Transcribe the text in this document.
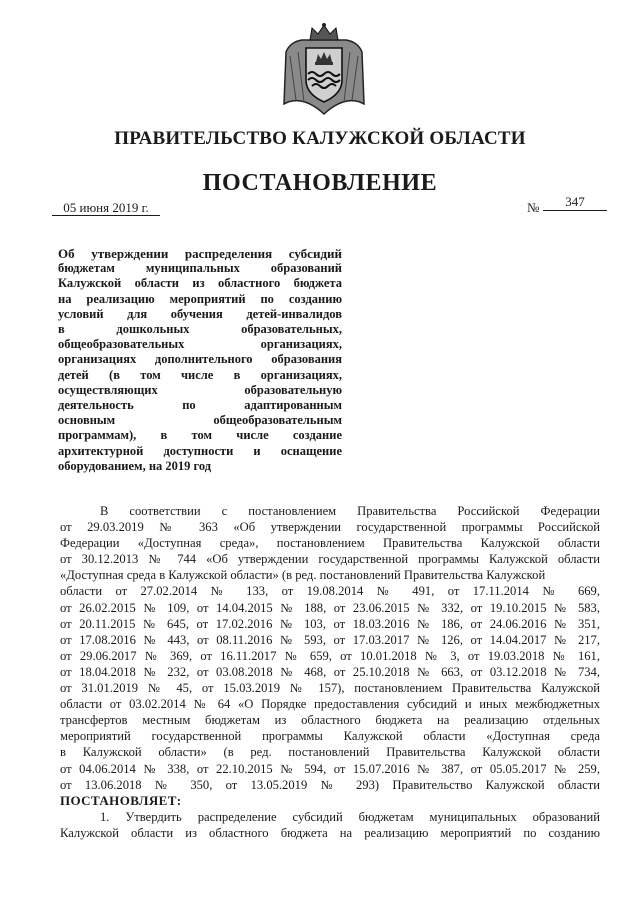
ПРАВИТЕЛЬСТВО КАЛУЖСКОЙ ОБЛАСТИ
ПОСТАНОВЛЕНИЕ
05 июня 2019 г.	№	347
Об утверждении распределения субсидий
бюджетам муниципальных образований
Калужской области из областного бюджета
на реализацию мероприятий по созданию
условий для обучения детей-инвалидов
в дошкольных образовательных,
общеобразовательных организациях,
организациях дополнительного образования
детей (в том числе в организациях,
осуществляющих образовательную
деятельность по адаптированным
основным общеобразовательным
программам), в том числе создание
архитектурной доступности и оснащение
оборудованием, на 2019 год
В соответствии с постановлением Правительства Российской Федерации
от 29.03.2019 № 363 «Об утверждении государственной программы Российской
Федерации «Доступная среда», постановлением Правительства Калужской области
от 30.12.2013 № 744 «Об утверждении государственной программы Калужской области
«Доступная среда в Калужской области» (в ред. постановлений Правительства Калужской
области от 27.02.2014 № 133, от 19.08.2014 № 491, от 17.11.2014 № 669,
от 26.02.2015 № 109, от 14.04.2015 № 188, от 23.06.2015 № 332, от 19.10.2015 № 583,
от 20.11.2015 № 645, от 17.02.2016 № 103, от 18.03.2016 № 186, от 24.06.2016 № 351,
от 17.08.2016 № 443, от 08.11.2016 № 593, от 17.03.2017 № 126, от 14.04.2017 № 217,
от 29.06.2017 № 369, от 16.11.2017 № 659, от 10.01.2018 № 3, от 19.03.2018 № 161,
от 18.04.2018 № 232, от 03.08.2018 № 468, от 25.10.2018 № 663, от 03.12.2018 № 734,
от 31.01.2019 № 45, от 15.03.2019 № 157), постановлением Правительства Калужской
области от 03.02.2014 № 64 «О Порядке предоставления субсидий и иных межбюджетных
трансфертов местным бюджетам из областного бюджета на реализацию отдельных
мероприятий государственной программы Калужской области «Доступная среда
в Калужской области» (в ред. постановлений Правительства Калужской области
от 04.06.2014 № 338, от 22.10.2015 № 594, от 15.07.2016 № 387, от 05.05.2017 № 259,
от 13.06.2018 № 350, от 13.05.2019 № 293) Правительство Калужской области
ПОСТАНОВЛЯЕТ:
1. Утвердить распределение субсидий бюджетам муниципальных образований
Калужской области из областного бюджета на реализацию мероприятий по созданию
